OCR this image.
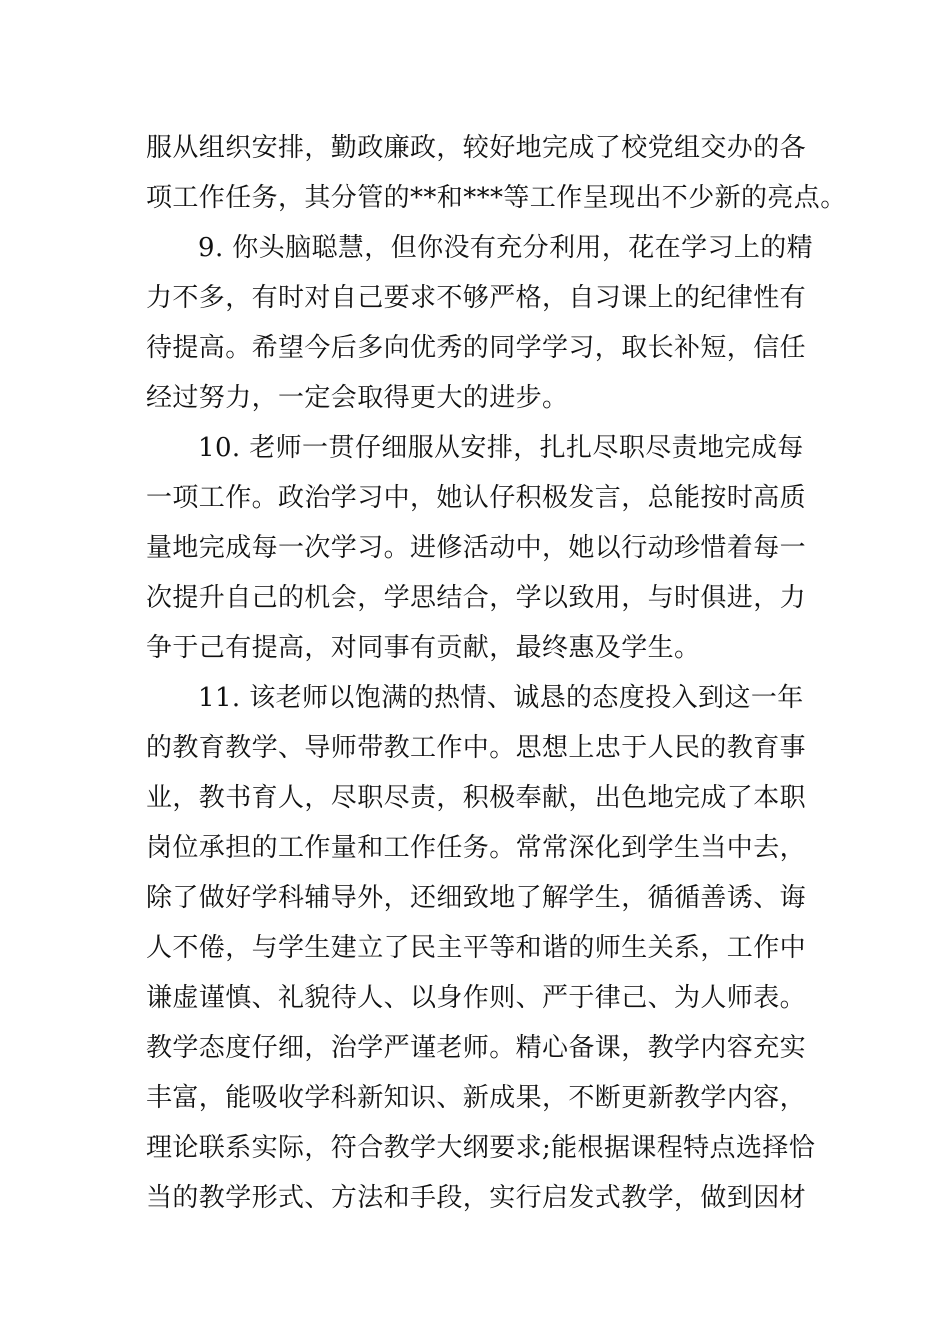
服从组织安排，勤政廉政，较好地完成了校党组交办的各
项工作任务，其分管的**和***等工作呈现出不少新的亮点。
9. 你头脑聪慧，但你没有充分利用，花在学习上的精
力不多，有时对自己要求不够严格，自习课上的纪律性有
待提高。希望今后多向优秀的同学学习，取长补短，信任
经过努力，一定会取得更大的进步。
10. 老师一贯仔细服从安排，扎扎尽职尽责地完成每
一项工作。政治学习中，她认仔积极发言，总能按时高质
量地完成每一次学习。进修活动中，她以行动珍惜着每一
次提升自己的机会，学思结合，学以致用，与时俱进，力
争于己有提高，对同事有贡献，最终惠及学生。
11. 该老师以饱满的热情、诚恳的态度投入到这一年
的教育教学、导师带教工作中。思想上忠于人民的教育事
业，教书育人，尽职尽责，积极奉献，出色地完成了本职
岗位承担的工作量和工作任务。常常深化到学生当中去，
除了做好学科辅导外，还细致地了解学生，循循善诱、诲
人不倦，与学生建立了民主平等和谐的师生关系，工作中
谦虚谨慎、礼貌待人、以身作则、严于律己、为人师表。
教学态度仔细，治学严谨老师。精心备课，教学内容充实
丰富，能吸收学科新知识、新成果，不断更新教学内容，
理论联系实际，符合教学大纲要求;能根据课程特点选择恰
当的教学形式、方法和手段，实行启发式教学，做到因材
